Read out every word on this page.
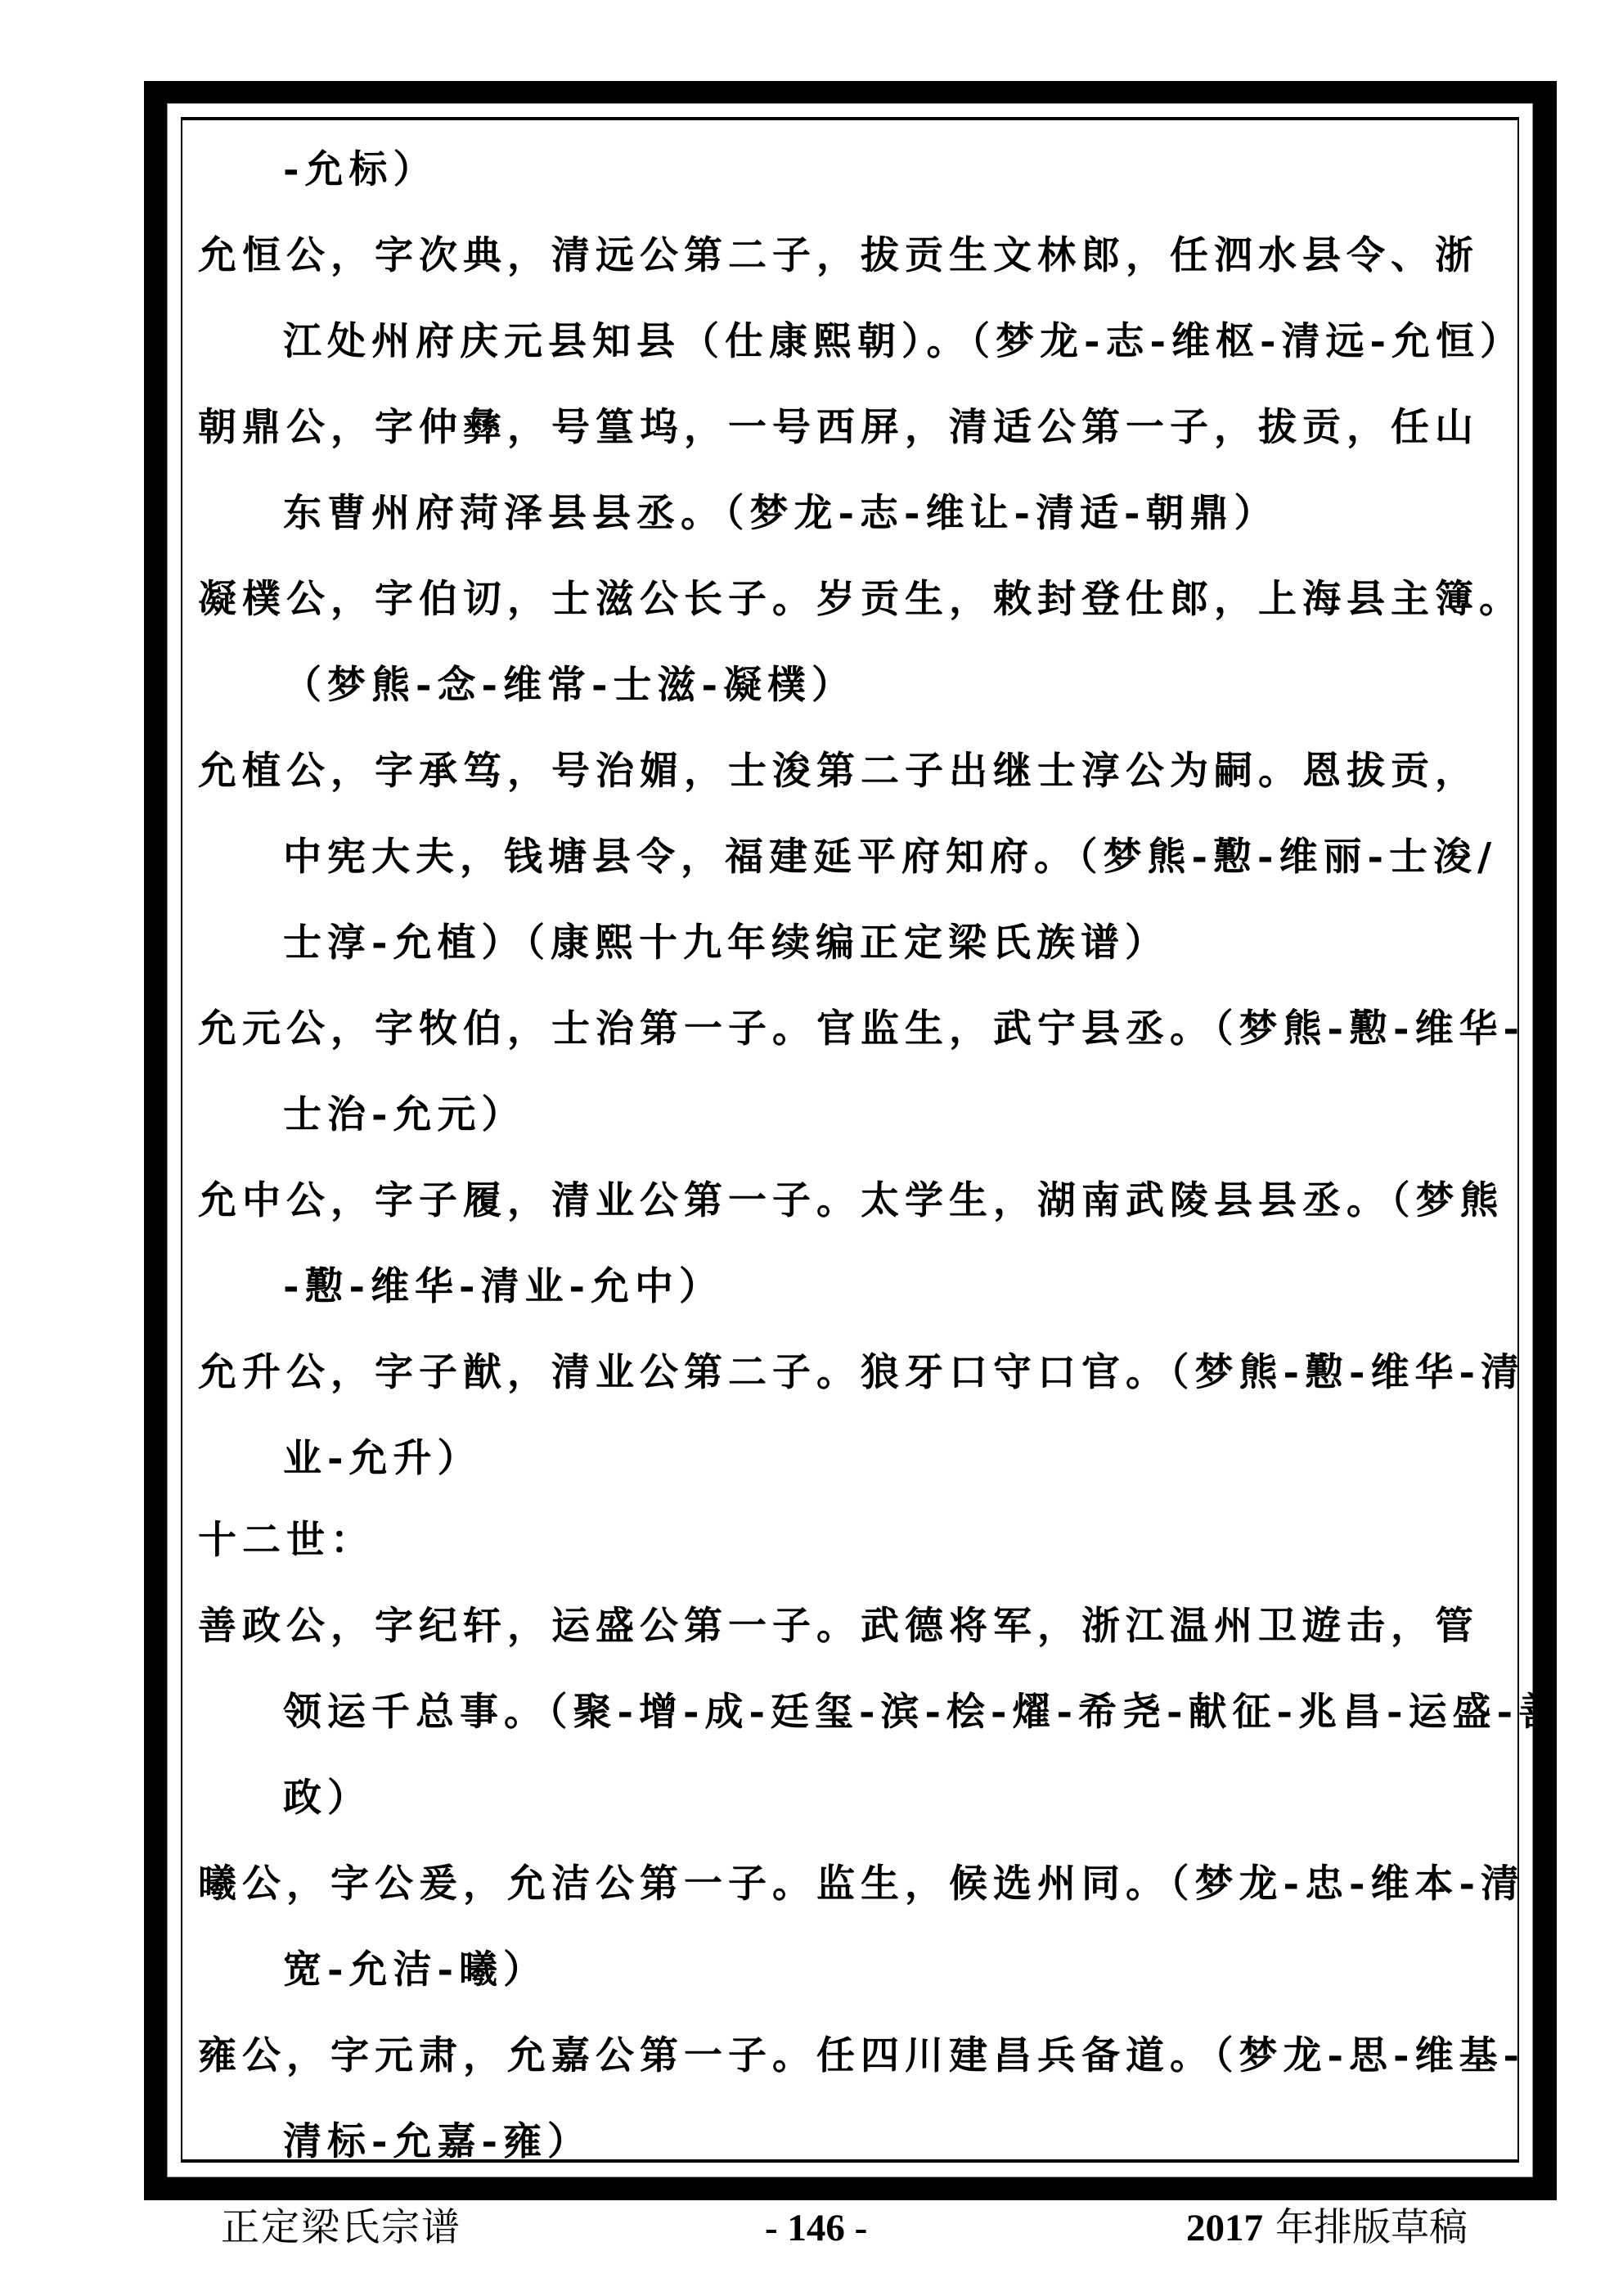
-允标）
允恒公，字次典，清远公第二子，拔贡生文林郎，任泗水县令、浙
江处州府庆元县知县（仕康熙朝）。（梦龙-志-维枢-清远-允恒）
朝鼎公，字仲彝，号篁坞，一号西屏，清适公第一子，拔贡，任山
东曹州府菏泽县县丞。（梦龙-志-维让-清适-朝鼎）
凝樸公，字伯讱，士滋公长子。岁贡生，敕封登仕郎，上海县主簿。
（梦熊-念-维常-士滋-凝樸）
允植公，字承笃，号治媚，士浚第二子出继士淳公为嗣。恩拔贡，
中宪大夫，钱塘县令，福建延平府知府。（梦熊-懃-维丽-士浚/
士淳-允植）（康熙十九年续编正定梁氏族谱）
允元公，字牧伯，士治第一子。官监生，武宁县丞。（梦熊-懃-维华-
士治-允元）
允中公，字子履，清业公第一子。太学生，湖南武陵县县丞。（梦熊
-懃-维华-清业-允中）
允升公，字子猷，清业公第二子。狼牙口守口官。（梦熊-懃-维华-清
业-允升）
十二世：
善政公，字纪轩，运盛公第一子。武德将军，浙江温州卫遊击，管
领运千总事。（聚-增-成-廷玺-滨-桧-燿-希尧-献征-兆昌-运盛-善
政）
曦公，字公爰，允洁公第一子。监生，候选州同。（梦龙-忠-维本-清
宽-允洁-曦）
雍公，字元肃，允嘉公第一子。任四川建昌兵备道。（梦龙-思-维基-
清标-允嘉-雍）
正定梁氏宗谱	- 146 -	2017 年排版草稿
